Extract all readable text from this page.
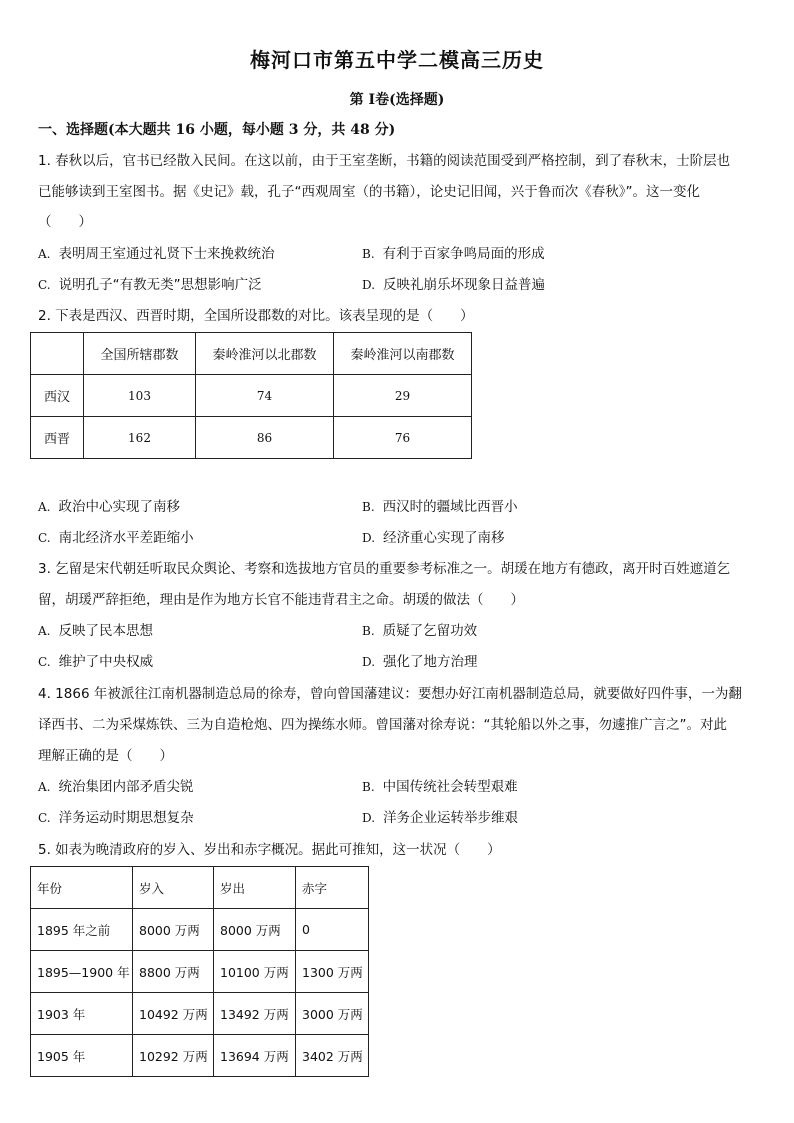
梅河口市第五中学二模高三历史
第 Ⅰ卷(选择题)
一、选择题(本大题共 16 小题，每小题 3 分，共 48 分)
1. 春秋以后，官书已经散入民间。在这以前，由于王室垄断，书籍的阅读范围受到严格控制，到了春秋末，士阶层也
已能够读到王室图书。据《史记》载，孔子“西观周室（的书籍），论史记旧闻，兴于鲁而次《春秋》”。这一变化
（　　）
A. 表明周王室通过礼贤下士来挽救统治	B. 有利于百家争鸣局面的形成
C. 说明孔子“有教无类”思想影响广泛	D. 反映礼崩乐坏现象日益普遍
2. 下表是西汉、西晋时期，全国所设郡数的对比。该表呈现的是（　　）
	全国所辖郡数	秦岭淮河以北郡数	秦岭淮河以南郡数
西汉	103	74	29
西晋	162	86	76
A. 政治中心实现了南移	B. 西汉时的疆域比西晋小
C. 南北经济水平差距缩小	D. 经济重心实现了南移
3. 乞留是宋代朝廷听取民众舆论、考察和选拔地方官员的重要参考标准之一。胡瑗在地方有德政，离开时百姓遮道乞
留，胡瑗严辞拒绝，理由是作为地方长官不能违背君主之命。胡瑗的做法（　　）
A. 反映了民本思想	B. 质疑了乞留功效
C. 维护了中央权威	D. 强化了地方治理
4. 1866 年被派往江南机器制造总局的徐寿，曾向曾国藩建议：要想办好江南机器制造总局，就要做好四件事，一为翻
译西书、二为采煤炼铁、三为自造枪炮、四为操练水师。曾国藩对徐寿说：“其轮船以外之事，勿遽推广言之”。对此
理解正确的是（　　）
A. 统治集团内部矛盾尖锐	B. 中国传统社会转型艰难
C. 洋务运动时期思想复杂	D. 洋务企业运转举步维艰
5. 如表为晚清政府的岁入、岁出和赤字概况。据此可推知，这一状况（　　）
年份	岁入	岁出	赤字
1895 年之前	8000 万两	8000 万两	0
1895—1900 年	8800 万两	10100 万两	1300 万两
1903 年	10492 万两	13492 万两	3000 万两
1905 年	10292 万两	13694 万两	3402 万两
